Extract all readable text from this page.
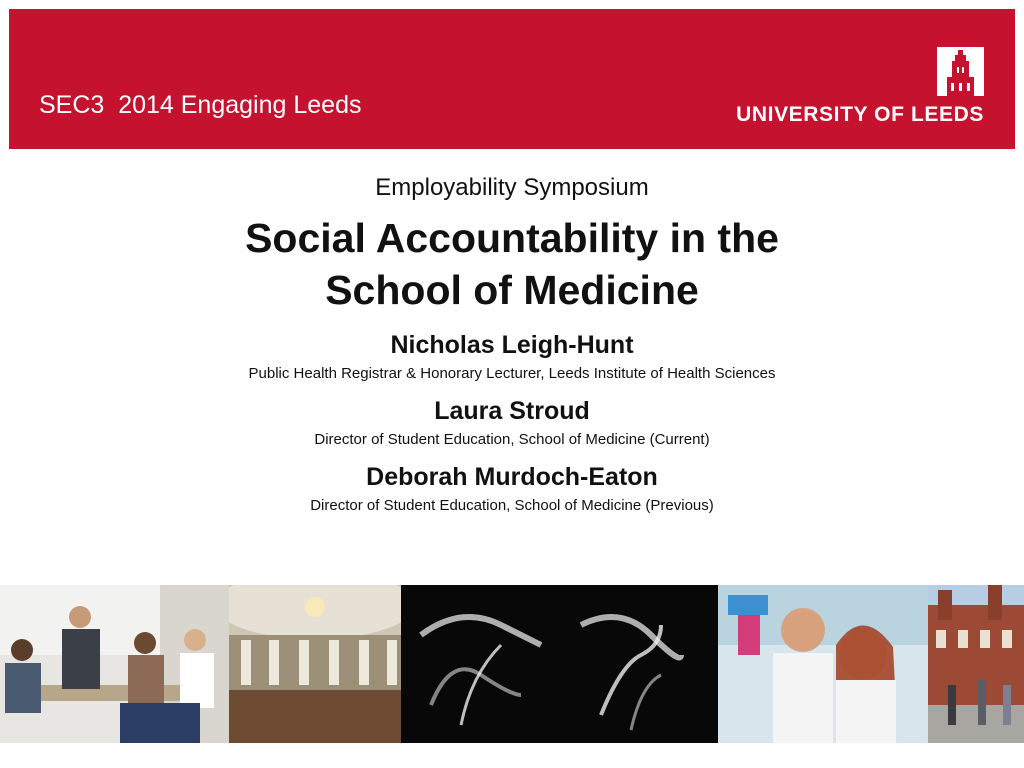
SEC3  2014 Engaging Leeds	UNIVERSITY OF LEEDS
Employability Symposium
Social Accountability in the
School of Medicine
Nicholas Leigh-Hunt
Public Health Registrar & Honorary Lecturer, Leeds Institute of Health Sciences
Laura Stroud
Director of Student Education, School of Medicine (Current)
Deborah Murdoch-Eaton
Director of Student Education, School of Medicine (Previous)
